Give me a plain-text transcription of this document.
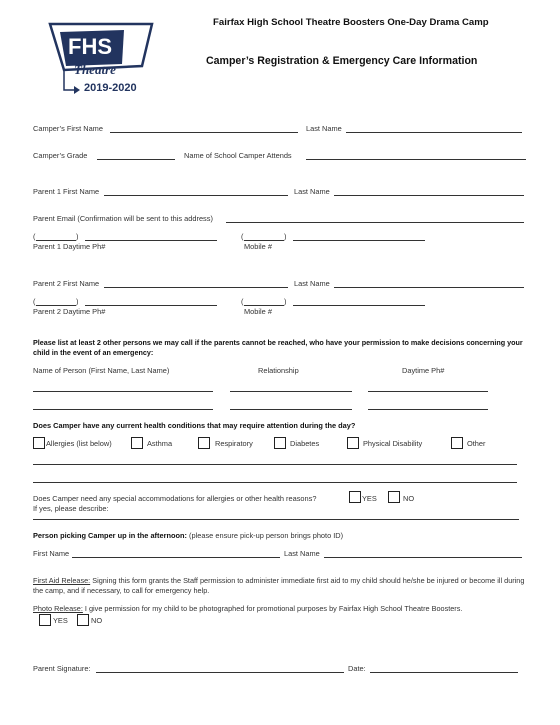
FHS
Theatre
2019-2020
Fairfax High School Theatre Boosters One-Day Drama Camp
Camper’s Registration & Emergency Care Information
Camper’s First Name	Last Name
Camper’s Grade	Name of School Camper Attends
Parent 1 First Name	Last Name
Parent Email (Confirmation will be sent to this address)
(	)	(	)
Parent 1 Daytime Ph#	Mobile #
Parent 2 First Name	Last Name
(	)	(	)
Parent 2 Daytime Ph#	Mobile #
Please list at least 2 other persons we may call if the parents cannot be reached, who have your permission to make decisions concerning your child in the event of an emergency:
Name of Person (First Name, Last Name)	Relationship	Daytime Ph#
Does Camper have any current health conditions that may require attention during the day?
Allergies (list below)	Asthma	Respiratory	Diabetes	Physical Disability	Other
Does Camper need any special accommodations for allergies or other health reasons?	YES	NO
If yes, please describe:
Person picking Camper up in the afternoon: (please ensure pick-up person brings photo ID)
First Name	Last Name
First Aid Release: Signing this form grants the Staff permission to administer immediate first aid to my child should he/she be injured or become ill during the camp, and if necessary, to call for emergency help.
Photo Release: I give permission for my child to be photographed for promotional purposes by Fairfax High School Theatre Boosters.
YES	NO
Parent Signature:	Date:
